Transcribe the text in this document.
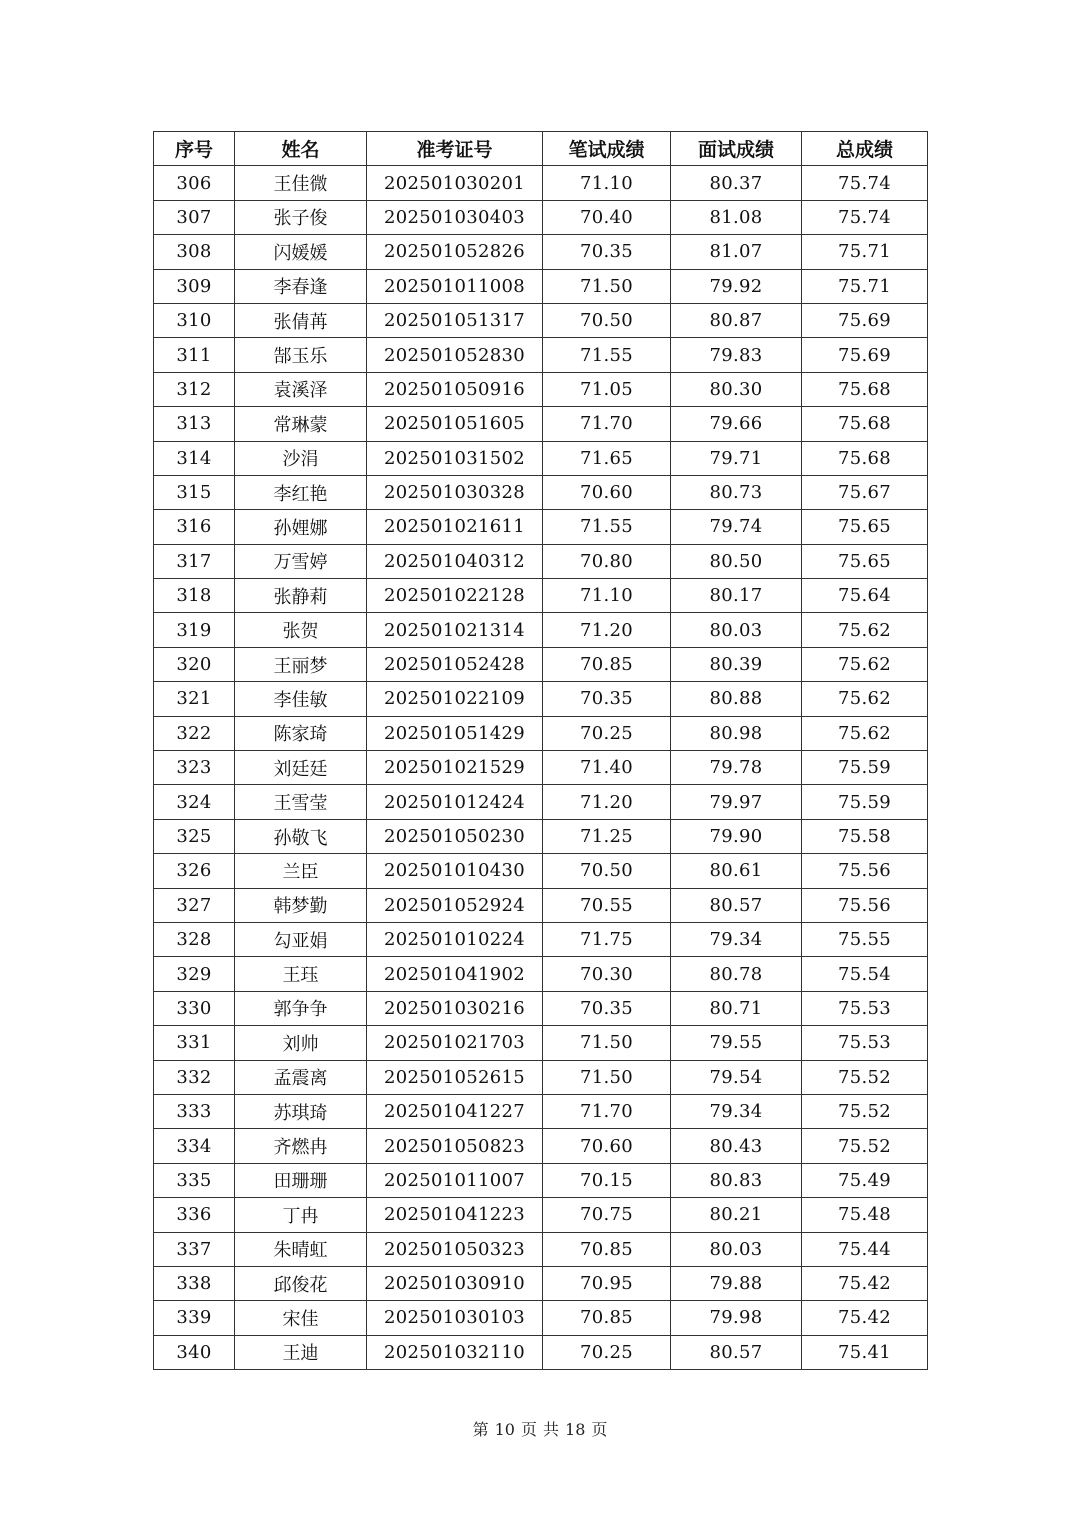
序号	姓名	准考证号	笔试成绩	面试成绩	总成绩
306	王佳微	202501030201	71.10	80.37	75.74
307	张子俊	202501030403	70.40	81.08	75.74
308	闪媛媛	202501052826	70.35	81.07	75.71
309	李春逢	202501011008	71.50	79.92	75.71
310	张倩苒	202501051317	70.50	80.87	75.69
311	郜玉乐	202501052830	71.55	79.83	75.69
312	袁溪泽	202501050916	71.05	80.30	75.68
313	常琳蒙	202501051605	71.70	79.66	75.68
314	沙涓	202501031502	71.65	79.71	75.68
315	李红艳	202501030328	70.60	80.73	75.67
316	孙娌娜	202501021611	71.55	79.74	75.65
317	万雪婷	202501040312	70.80	80.50	75.65
318	张静莉	202501022128	71.10	80.17	75.64
319	张贺	202501021314	71.20	80.03	75.62
320	王丽梦	202501052428	70.85	80.39	75.62
321	李佳敏	202501022109	70.35	80.88	75.62
322	陈家琦	202501051429	70.25	80.98	75.62
323	刘廷廷	202501021529	71.40	79.78	75.59
324	王雪莹	202501012424	71.20	79.97	75.59
325	孙敬飞	202501050230	71.25	79.90	75.58
326	兰臣	202501010430	70.50	80.61	75.56
327	韩梦勤	202501052924	70.55	80.57	75.56
328	勾亚娟	202501010224	71.75	79.34	75.55
329	王珏	202501041902	70.30	80.78	75.54
330	郭争争	202501030216	70.35	80.71	75.53
331	刘帅	202501021703	71.50	79.55	75.53
332	孟震离	202501052615	71.50	79.54	75.52
333	苏琪琦	202501041227	71.70	79.34	75.52
334	齐燃冉	202501050823	70.60	80.43	75.52
335	田珊珊	202501011007	70.15	80.83	75.49
336	丁冉	202501041223	70.75	80.21	75.48
337	朱晴虹	202501050323	70.85	80.03	75.44
338	邱俊花	202501030910	70.95	79.88	75.42
339	宋佳	202501030103	70.85	79.98	75.42
340	王迪	202501032110	70.25	80.57	75.41
第 10 页 共 18 页
